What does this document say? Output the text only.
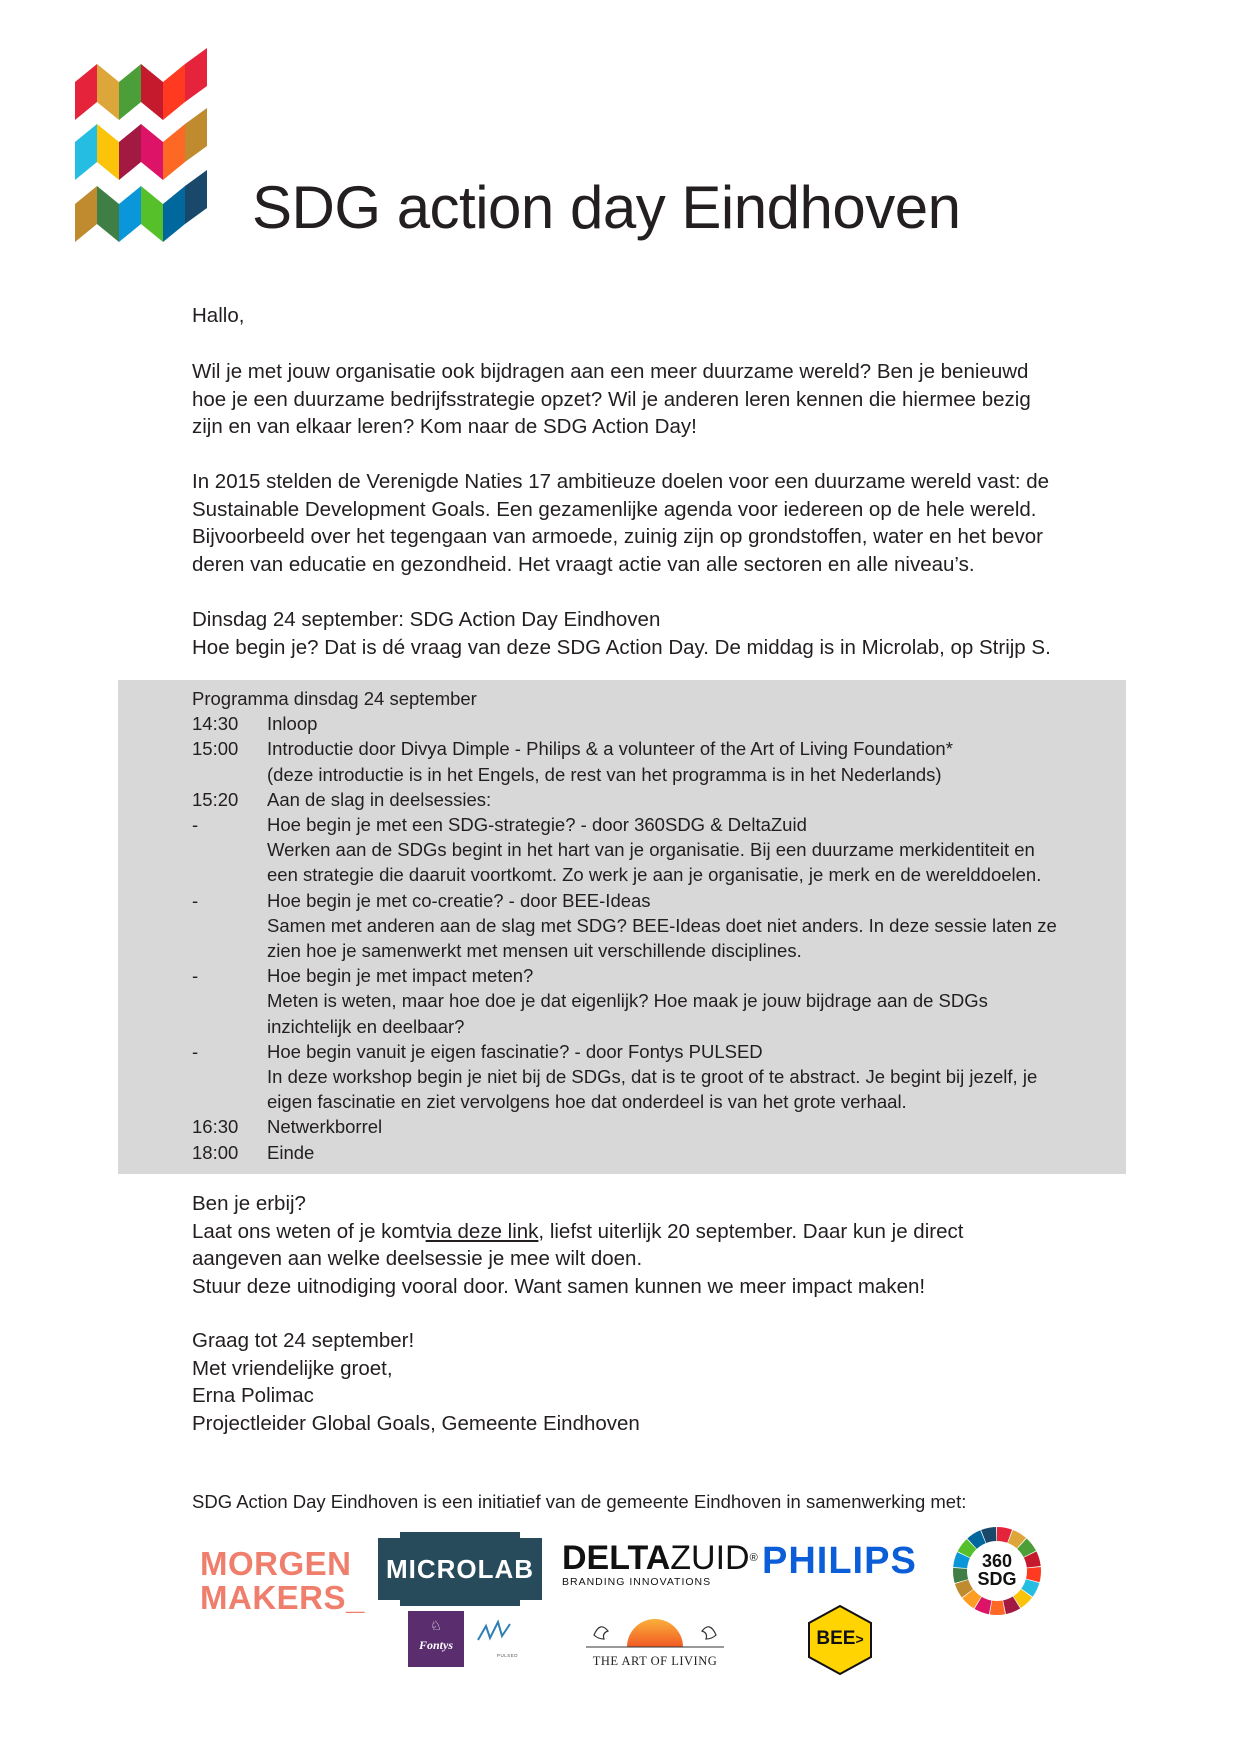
SDG action day Eindhoven

Hallo,

Wil je met jouw organisatie ook bijdragen aan een meer duurzame wereld? Ben je benieuwd

hoe je een duurzame bedrijfsstrategie opzet? Wil je anderen leren kennen die hiermee bezig

zijn en van elkaar leren? Kom naar de SDG Action Day!

In 2015 stelden de Verenigde Naties 17 ambitieuze doelen voor een duurzame wereld vast: de

Sustainable Development Goals. Een gezamenlijke agenda voor iedereen op de hele wereld.

Bijvoorbeeld over het tegengaan van armoede, zuinig zijn op grondstoffen, water en het bevor

deren van educatie en gezondheid. Het vraagt actie van alle sectoren en alle niveau’s.

Dinsdag 24 september: SDG Action Day Eindhoven

Hoe begin je? Dat is dé vraag van deze SDG Action Day. De middag is in Microlab, op Strijp S.

Programma dinsdag 24 september
14:30	Inloop
15:00	Introductie door Divya Dimple - Philips & a volunteer of the Art of Living Foundation*
(deze introductie is in het Engels, de rest van het programma is in het Nederlands)
15:20	Aan de slag in deelsessies:
-	Hoe begin je met een SDG-strategie? - door 360SDG & DeltaZuid
Werken aan de SDGs begint in het hart van je organisatie. Bij een duurzame merkidentiteit en
een strategie die daaruit voortkomt. Zo werk je aan je organisatie, je merk en de werelddoelen.
-	Hoe begin je met co-creatie? - door BEE-Ideas
Samen met anderen aan de slag met SDG? BEE-Ideas doet niet anders. In deze sessie laten ze
zien hoe je samenwerkt met mensen uit verschillende disciplines.
-	Hoe begin je met impact meten?
Meten is weten, maar hoe doe je dat eigenlijk? Hoe maak je jouw bijdrage aan de SDGs
inzichtelijk en deelbaar?
-	Hoe begin vanuit je eigen fascinatie? - door Fontys PULSED
In deze workshop begin je niet bij de SDGs, dat is te groot of te abstract. Je begint bij jezelf, je
eigen fascinatie en ziet vervolgens hoe dat onderdeel is van het grote verhaal.
16:30	Netwerkborrel
18:00	Einde

Ben je erbij?

Laat ons weten of je komtvia deze link, liefst uiterlijk 20 september. Daar kun je direct

aangeven aan welke deelsessie je mee wilt doen.

Stuur deze uitnodiging vooral door. Want samen kunnen we meer impact maken!

Graag tot 24 september!

Met vriendelijke groet,

Erna Polimac

Projectleider Global Goals, Gemeente Eindhoven

SDG Action Day Eindhoven is een initiatief van de gemeente Eindhoven in samenwerking met:
MORGEN
MAKERS_
MICROLAB DELTAZUID®
BRANDING INNOVATIONS	PHILIPS	360
SDG
♘
Fontys
PULSED	THE ART OF LIVING
BEE>
